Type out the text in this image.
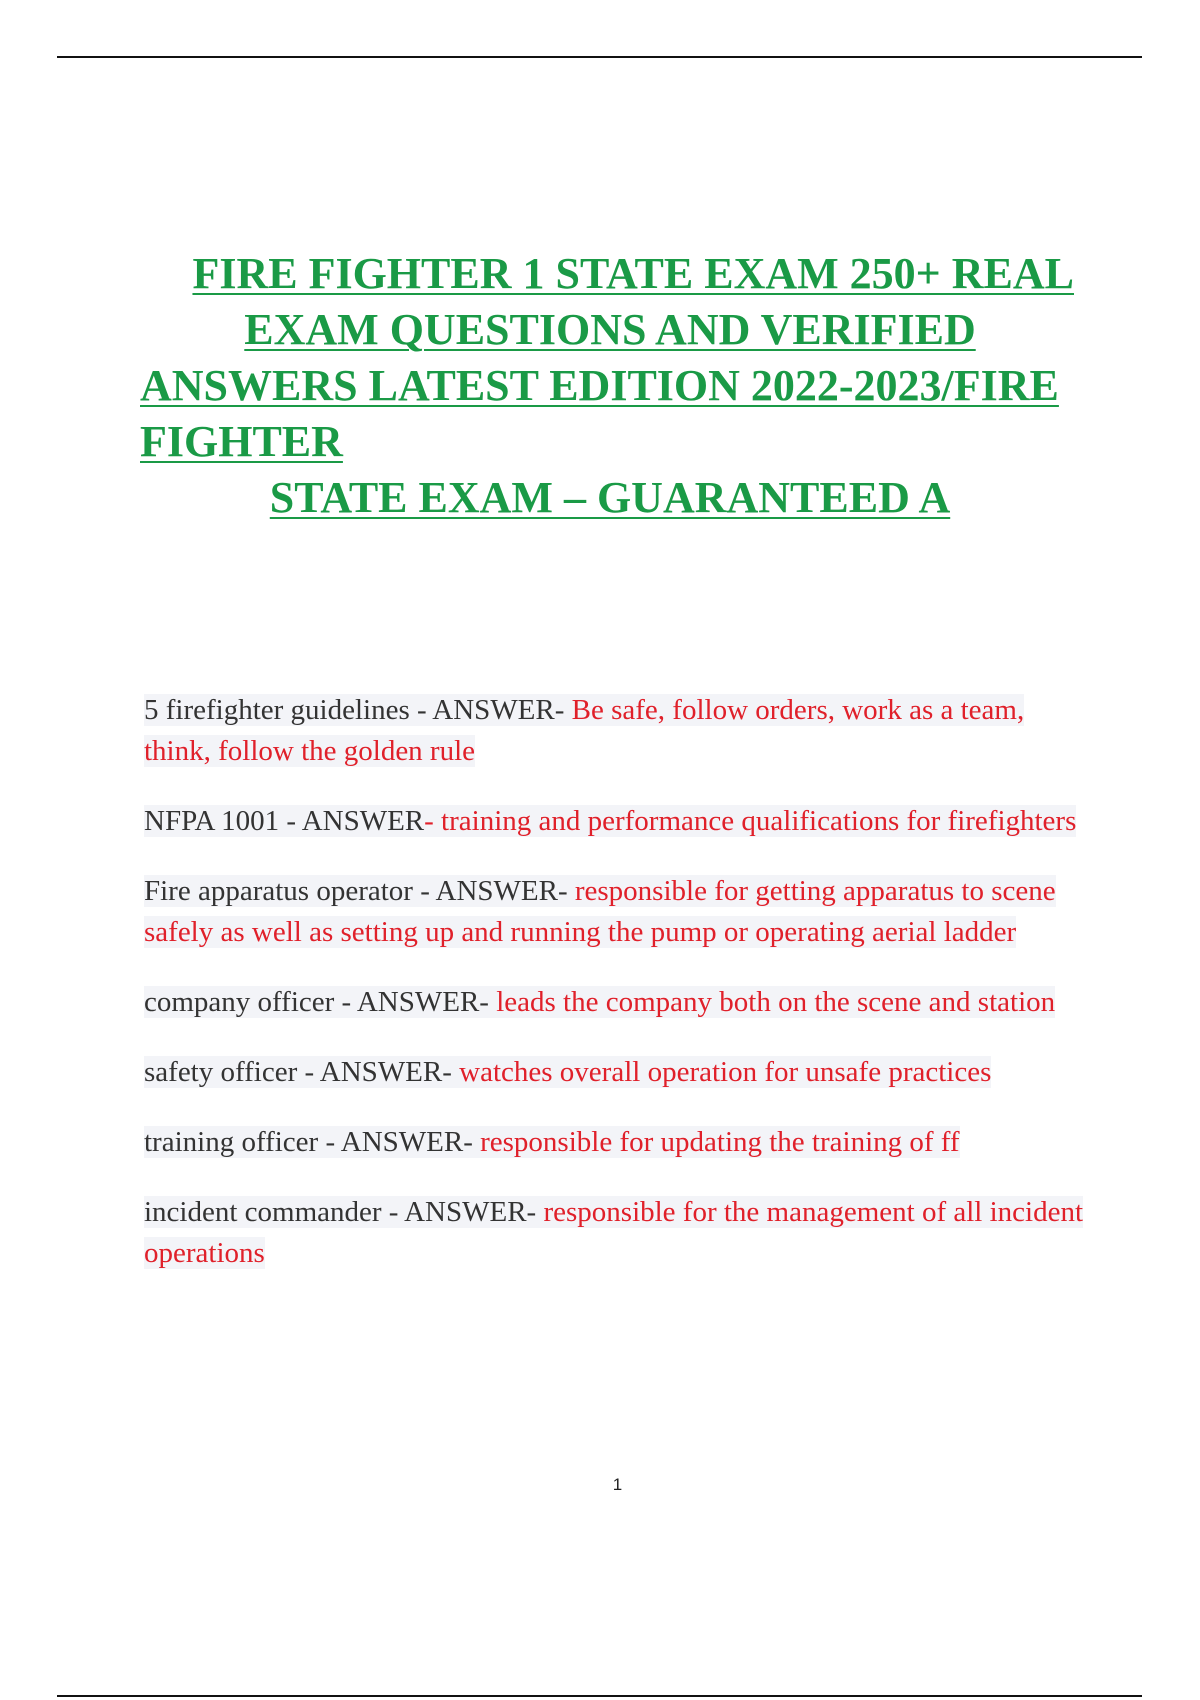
FIRE FIGHTER 1 STATE EXAM 250+ REAL
EXAM QUESTIONS AND VERIFIED
ANSWERS LATEST EDITION 2022-2023/FIRE
FIGHTER
STATE EXAM – GUARANTEED A

5 firefighter guidelines - ANSWER- Be safe, follow orders, work as a team, think, follow the golden rule

NFPA 1001 - ANSWER- training and performance qualifications for firefighters

Fire apparatus operator - ANSWER- responsible for getting apparatus to scene safely as well as setting up and running the pump or operating aerial ladder

company officer - ANSWER- leads the company both on the scene and station

safety officer - ANSWER- watches overall operation for unsafe practices

training officer - ANSWER- responsible for updating the training of ff

incident commander - ANSWER- responsible for the management of all incident operations

1
